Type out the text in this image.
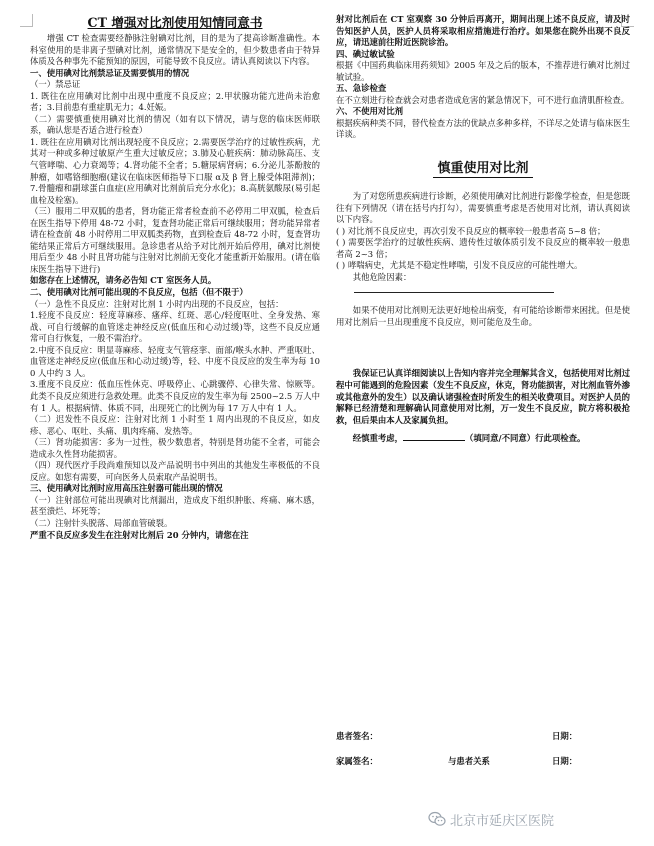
CT 增强对比剂使用知情同意书

增强 CT 检查需要经静脉注射碘对比剂，目的是为了提高诊断准确性。本科室使用的是非离子型碘对比剂，通常情况下是安全的，但少数患者由于特异体质及各种事先不能预知的原因，可能导致不良反应。请认真阅读以下内容。

一、使用碘对比剂禁忌证及需要慎用的情况

（一）禁忌证

1. 既往在应用碘对比剂中出现中重度不良反应；2.甲状腺功能亢进尚未治愈者；3.目前患有重症肌无力；4.妊娠。

（二）需要慎重使用碘对比剂的情况（如有以下情况，请与您的临床医师联系，确认您是否适合进行检查）

1. 既往在应用碘对比剂出现轻度不良反应；2.需要医学治疗的过敏性疾病，尤其对一种或多种过敏原产生重大过敏反应；3.肺及心脏疾病：肺动脉高压、支气管哮喘、心力衰竭等；4.肾功能不全者；5.糖尿病肾病；6.分泌儿茶酚胺的肿瘤，如嗜铬细胞瘤(建议在临床医师指导下口服 α及 β 肾上腺受体阻滞剂)；7.骨髓瘤和副球蛋白血症(应用碘对比剂前后充分水化)；8.高胱氨酸尿(易引起血栓及栓塞)。

（三）服用二甲双胍的患者，肾功能正常者检查前不必停用二甲双胍，检查后在医生指导下停用 48-72 小时，复查肾功能正常后可继续服用；肾功能异常者请在检查前 48 小时停用二甲双胍类药物，直到检查后 48-72 小时，复查肾功能结果正常后方可继续服用。急诊患者从给予对比剂开始后停用，碘对比剂使用后至少 48 小时且肾功能与注射对比剂前无变化才能重新开始服用。(请在临床医生指导下进行)

如您存在上述情况，请务必告知 CT 室医务人员。

二、使用碘对比剂可能出现的不良反应，包括（但不限于）

（一）急性不良反应：注射对比剂 1 小时内出现的不良反应，包括：

1.轻度不良反应：轻度荨麻疹、瘙痒、红斑、恶心/轻度呕吐、全身发热、寒战、可自行缓解的血管迷走神经反应(低血压和心动过缓)等，这些不良反应通常可自行恢复，一般不需治疗。

2.中度不良反应：明显荨麻疹、轻度支气管痉挛、面部/喉头水肿、严重呕吐、血管迷走神经反应(低血压和心动过缓)等，轻、中度不良反应的发生率为每 100 人中约 3 人。

3.重度不良反应：低血压性休克、呼吸停止、心跳骤停、心律失常、惊厥等。此类不良反应须进行急救处理。此类不良反应的发生率为每 2500~2.5 万人中有 1 人。根据病情、体质不同，出现死亡的比例为每 17 万人中有 1 人。

（二）迟发性不良反应：注射对比剂 1 小时至 1 周内出现的不良反应，如皮疹、恶心、呕吐、头痛、肌肉疼痛、发热等。

（三）肾功能损害：多为一过性，极少数患者，特别是肾功能不全者，可能会造成永久性肾功能损害。

（四）现代医疗手段尚难预知以及产品说明书中列出的其他发生率极低的不良反应。如您有需要，可向医务人员索取产品说明书。

三、使用碘对比剂时应用高压注射器可能出现的情况

（一）注射部位可能出现碘对比剂漏出，造成皮下组织肿胀、疼痛、麻木感，甚至溃烂、坏死等；

（二）注射针头脱落、局部血管破裂。

严重不良反应多发生在注射对比剂后 20 分钟内，请您在注

射对比剂后在 CT 室观察 30 分钟后再离开，期间出现上述不良反应，请及时告知医护人员，医护人员将采取相应措施进行治疗。如果您在院外出现不良反应，请迅速前往附近医院诊治。

四、碘过敏试验

根据《中国药典临床用药须知》2005 年及之后的版本，不推荐进行碘对比剂过敏试验。

五、急诊检查

在不立刻进行检查就会对患者造成危害的紧急情况下，可不进行血清肌酐检查。

六、不使用对比剂

根据疾病种类不同，替代检查方法的优缺点多种多样，不详尽之处请与临床医生详谈。

慎重使用对比剂

为了对您所患疾病进行诊断，必须使用碘对比剂进行影像学检查，但是您既往有下列情况（请在括号内打勾），需要慎重考虑是否使用对比剂，请认真阅读以下内容。

( ) 对比剂不良反应史，再次引发不良反应的概率较一般患者高 5~8 倍；

( ) 需要医学治疗的过敏性疾病、遗传性过敏体质引发不良反应的概率较一般患者高 2~3 倍；

( ) 哮喘病史，尤其是不稳定性哮喘，引发不良反应的可能性增大。

其他危险因素：

如果不使用对比剂则无法更好地检出病变，有可能给诊断带来困扰。但是使用对比剂后一旦出现重度不良反应，则可能危及生命。

我保证已认真详细阅读以上告知内容并完全理解其含义，包括使用对比剂过程中可能遇到的危险因素（发生不良反应，休克，肾功能损害，对比剂血管外渗或其他意外的发生）以及确认诸强检查时所发生的相关收费项目。对医护人员的解释已经清楚和理解确认同意使用对比剂，万一发生不良反应，院方将积极抢救，但后果由本人及家属负担。

经慎重考虑，	（填同意/不同意）行此项检查。

患者签名：	日期：
家属签名：	与患者关系	日期：
北京市延庆区医院
